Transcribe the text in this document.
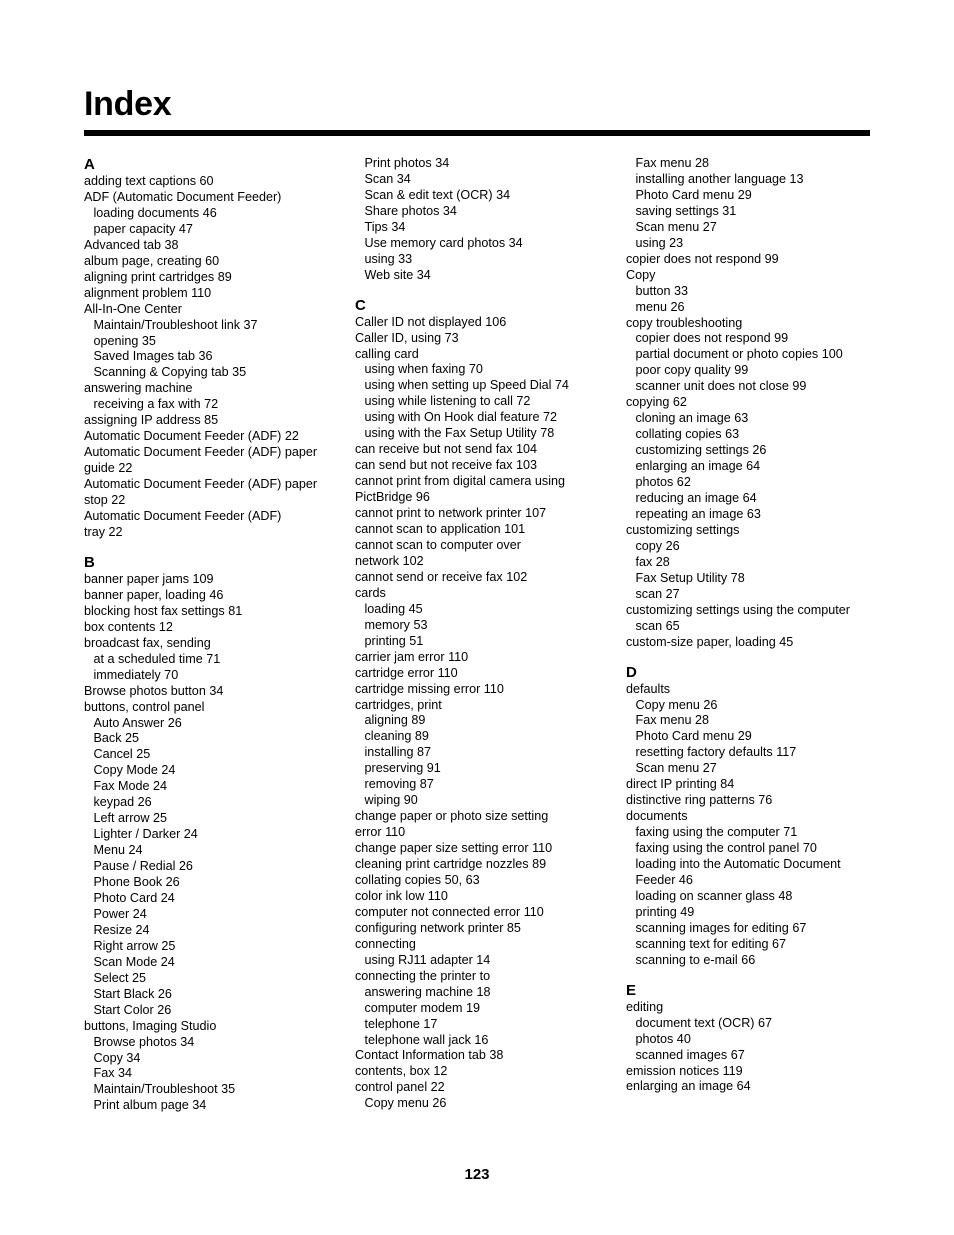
Index
A
adding text captions 60
ADF (Automatic Document Feeder)
loading documents 46
paper capacity 47
Advanced tab 38
album page, creating 60
aligning print cartridges 89
alignment problem 110
All-In-One Center
Maintain/Troubleshoot link 37
opening 35
Saved Images tab 36
Scanning & Copying tab 35
answering machine
receiving a fax with 72
assigning IP address 85
Automatic Document Feeder (ADF) 22
Automatic Document Feeder (ADF) paper
guide 22
Automatic Document Feeder (ADF) paper
stop 22
Automatic Document Feeder (ADF)
tray 22
B
banner paper jams 109
banner paper, loading 46
blocking host fax settings 81
box contents 12
broadcast fax, sending
at a scheduled time 71
immediately 70
Browse photos button 34
buttons, control panel
Auto Answer 26
Back 25
Cancel 25
Copy Mode 24
Fax Mode 24
keypad 26
Left arrow 25
Lighter / Darker 24
Menu 24
Pause / Redial 26
Phone Book 26
Photo Card 24
Power 24
Resize 24
Right arrow 25
Scan Mode 24
Select 25
Start Black 26
Start Color 26
buttons, Imaging Studio
Browse photos 34
Copy 34
Fax 34
Maintain/Troubleshoot 35
Print album page 34
Print photos 34
Scan 34
Scan & edit text (OCR) 34
Share photos 34
Tips 34
Use memory card photos 34
using 33
Web site 34
C
Caller ID not displayed 106
Caller ID, using 73
calling card
using when faxing 70
using when setting up Speed Dial 74
using while listening to call 72
using with On Hook dial feature 72
using with the Fax Setup Utility 78
can receive but not send fax 104
can send but not receive fax 103
cannot print from digital camera using
PictBridge 96
cannot print to network printer 107
cannot scan to application 101
cannot scan to computer over
network 102
cannot send or receive fax 102
cards
loading 45
memory 53
printing 51
carrier jam error 110
cartridge error 110
cartridge missing error 110
cartridges, print
aligning 89
cleaning 89
installing 87
preserving 91
removing 87
wiping 90
change paper or photo size setting
error 110
change paper size setting error 110
cleaning print cartridge nozzles 89
collating copies 50, 63
color ink low 110
computer not connected error 110
configuring network printer 85
connecting
using RJ11 adapter 14
connecting the printer to
answering machine 18
computer modem 19
telephone 17
telephone wall jack 16
Contact Information tab 38
contents, box 12
control panel 22
Copy menu 26
Fax menu 28
installing another language 13
Photo Card menu 29
saving settings 31
Scan menu 27
using 23
copier does not respond 99
Copy
button 33
menu 26
copy troubleshooting
copier does not respond 99
partial document or photo copies 100
poor copy quality 99
scanner unit does not close 99
copying 62
cloning an image 63
collating copies 63
customizing settings 26
enlarging an image 64
photos 62
reducing an image 64
repeating an image 63
customizing settings
copy 26
fax 28
Fax Setup Utility 78
scan 27
customizing settings using the computer
scan 65
custom-size paper, loading 45
D
defaults
Copy menu 26
Fax menu 28
Photo Card menu 29
resetting factory defaults 117
Scan menu 27
direct IP printing 84
distinctive ring patterns 76
documents
faxing using the computer 71
faxing using the control panel 70
loading into the Automatic Document
Feeder 46
loading on scanner glass 48
printing 49
scanning images for editing 67
scanning text for editing 67
scanning to e-mail 66
E
editing
document text (OCR) 67
photos 40
scanned images 67
emission notices 119
enlarging an image 64
123
